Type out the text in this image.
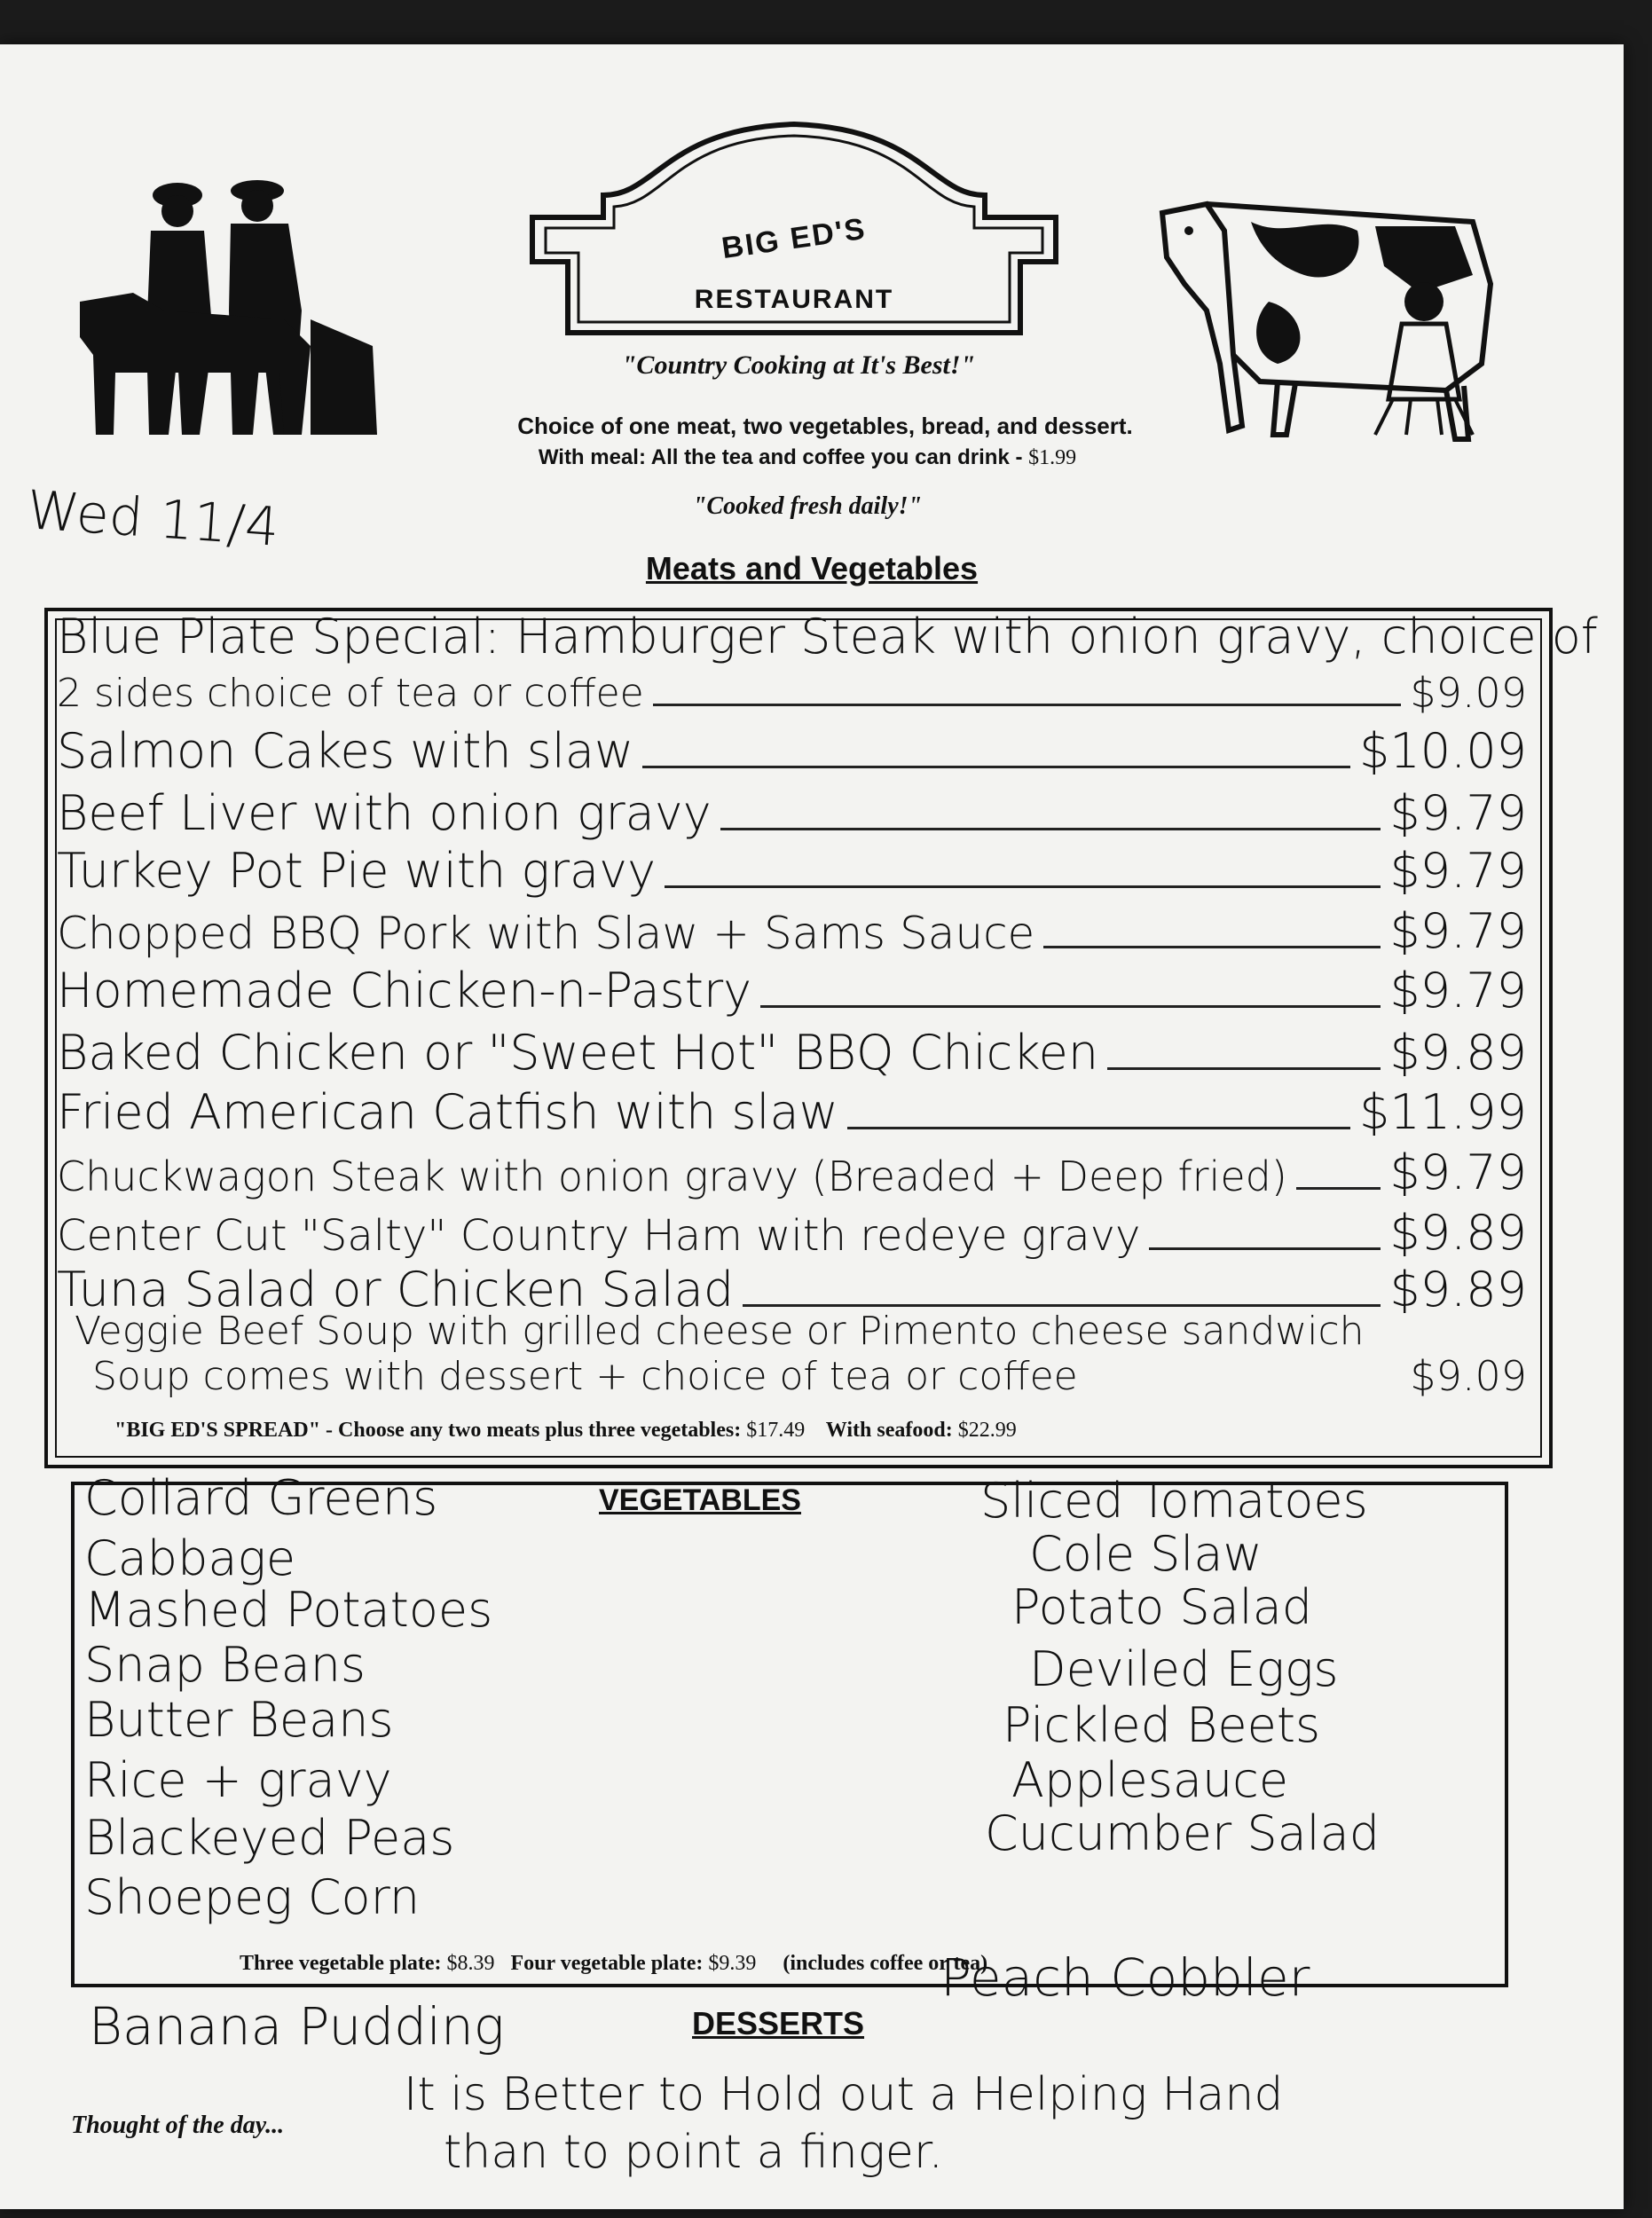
BIG ED'S
RESTAURANT
"Country Cooking at It's Best!"
Choice of one meat, two vegetables, bread, and dessert.
With meal: All the tea and coffee you can drink - $1.99
"Cooked fresh daily!"
Wed 11/4
Meats and Vegetables
Blue Plate Special: Hamburger Steak with onion gravy, choice of
2 sides choice of tea or coffee	$9.09
Salmon Cakes with slaw	$10.09
Beef Liver with onion gravy	$9.79
Turkey Pot Pie with gravy	$9.79
Chopped BBQ Pork with Slaw + Sams Sauce	$9.79
Homemade Chicken-n-Pastry	$9.79
Baked Chicken or "Sweet Hot" BBQ Chicken	$9.89
Fried American Catfish with slaw	$11.99
Chuckwagon Steak with onion gravy (Breaded + Deep fried) $9.79
Center Cut "Salty" Country Ham with redeye gravy	$9.89
Tuna Salad or Chicken Salad	$9.89
Veggie Beef Soup with grilled cheese or Pimento cheese sandwich
Soup comes with dessert + choice of tea or coffee	$9.09
"BIG ED'S SPREAD" - Choose any two meats plus three vegetables: $17.49 With seafood: $22.99
VEGETABLES
Collard Greens
Cabbage
Mashed Potatoes
Snap Beans
Butter Beans
Rice + gravy
Blackeyed Peas
Shoepeg Corn
Sliced Tomatoes
Cole Slaw
Potato Salad
Deviled Eggs
Pickled Beets
Applesauce
Cucumber Salad
Three vegetable plate: $8.39 Four vegetable plate: $9.39 (includes coffee or tea)
DESSERTS
Banana Pudding
Peach Cobbler
Thought of the day...
It is Better to Hold out a Helping Hand
than to point a finger.
